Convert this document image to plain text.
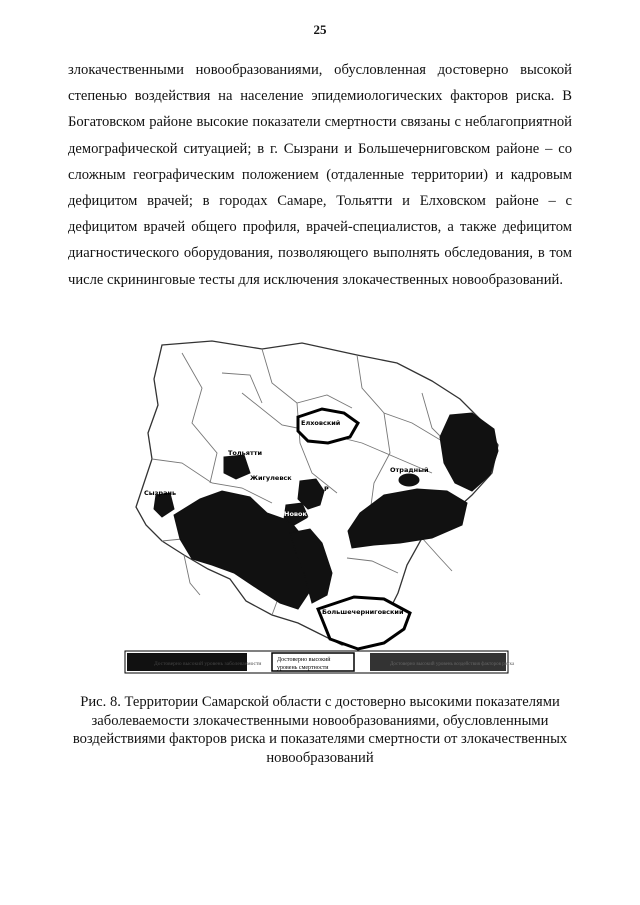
25

злокачественными новообразованиями, обусловленная достоверно высокой степенью воздействия на население эпидемиологических факторов риска. В Богатовском районе высокие показатели смертности связаны с неблагоприятной демографической ситуацией; в г. Сызрани и Большечерниговском районе – со сложным географическим положением (отдаленные территории) и кадровым дефицитом врачей; в городах Самаре, Тольятти и Елховском районе – с дефицитом врачей общего профиля, врачей-специалистов, а также дефицитом диагностического оборудования, позволяющего выполнять обследования, в том числе скрининговые тесты для исключения злокачественных новообразований.

Елховский
Тольятти
Жигулевск
Сызрань
Отрадный
Новокуйбышевск
Р
Большечерниговский
Достоверно высокий уровень заболеваемости
Достоверно высокий
уровень смертности
Достоверно высокий уровень воздействия факторов риска

Рис. 8. Территории Самарской области с достоверно высокими показателями заболеваемости злокачественными новообразованиями, обусловленными воздействиями факторов риска и показателями смертности от злокачественных новообразований
